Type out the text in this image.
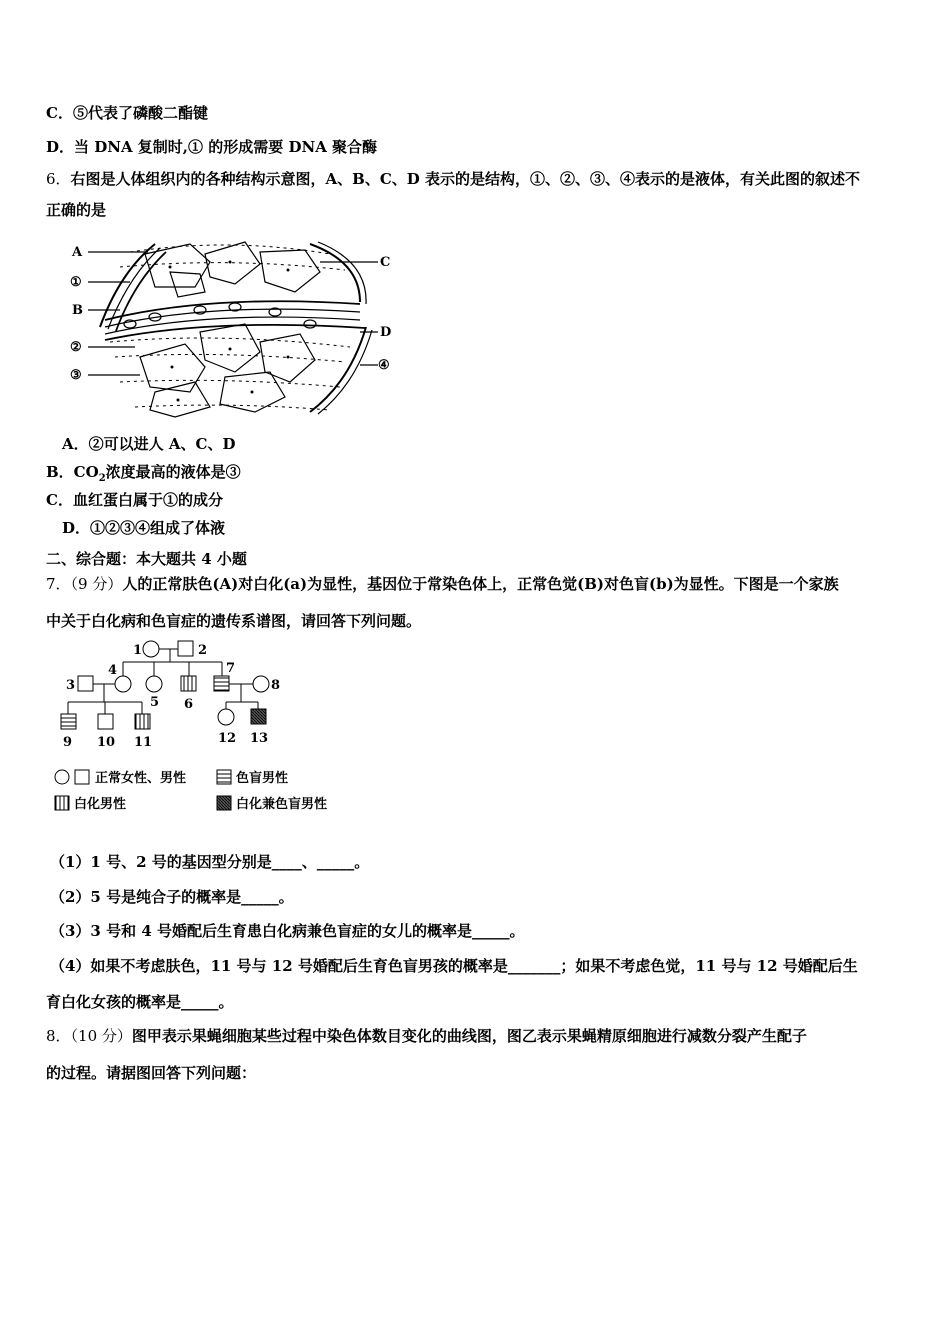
C．⑤代表了磷酸二酯键
D．当 DNA 复制时,① 的形成需要 DNA 聚合酶
6．右图是人体组织内的各种结构示意图，A、B、C、D 表示的是结构，①、②、③、④表示的是液体，有关此图的叙述不
正确的是
A
①
B
②
③
C
D
④
A．②可以进人 A、C、D
B．$CO_2$浓度最高的液体是③
C．血红蛋白属于①的成分
D．①②③④组成了体液
二、综合题：本大题共 4 小题
7．（9 分）人的正常肤色(A)对白化(a)为显性，基因位于常染色体上，正常色觉(B)对色盲(b)为显性。下图是一个家族
中关于白化病和色盲症的遗传系谱图，请回答下列问题。
1	2
3
4
5 6
7
8
9 10 11	12 13
正常女性、男性	色盲男性
白化男性	白化兼色盲男性
（1）1 号、2 号的基因型分别是____、_____。
（2）5 号是纯合子的概率是_____。
（3）3 号和 4 号婚配后生育患白化病兼色盲症的女儿的概率是_____。
（4）如果不考虑肤色，11 号与 12 号婚配后生育色盲男孩的概率是_______；如果不考虑色觉，11 号与 12 号婚配后生
育白化女孩的概率是_____。
8．（10 分）图甲表示果蝇细胞某些过程中染色体数目变化的曲线图，图乙表示果蝇精原细胞进行减数分裂产生配子
的过程。请据图回答下列问题：
